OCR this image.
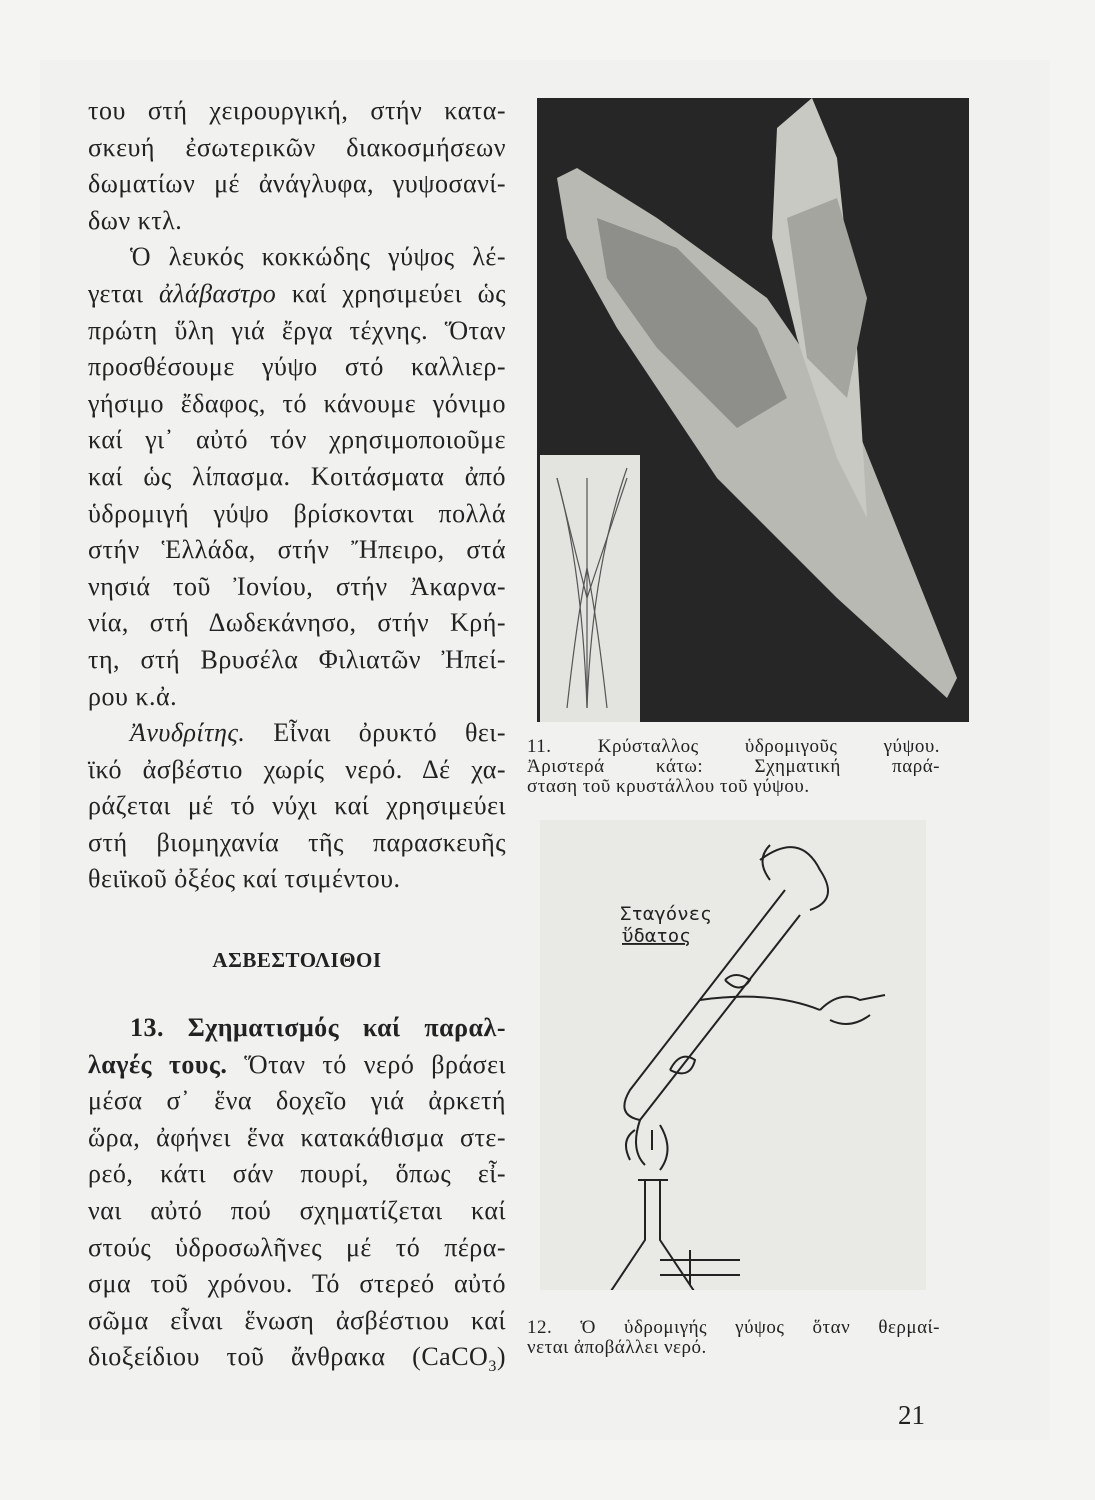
του στή χειρουργική, στήν κατα-
σκευή ἐσωτερικῶν διακοσμήσεων
δωματίων μέ ἀνάγλυφα, γυψοσανί-
δων κτλ.
Ὁ λευκός κοκκώδης γύψος λέ-
γεται ἀλάβαστρο καί χρησιμεύει ὡς
πρώτη ὕλη γιά ἔργα τέχνης. Ὅταν
προσθέσουμε γύψο στό καλλιερ-
γήσιμο ἔδαφος, τό κάνουμε γόνιμο
καί γι᾿ αὐτό τόν χρησιμοποιοῦμε
καί ὡς λίπασμα. Κοιτάσματα ἀπό
ὑδρομιγή γύψο βρίσκονται πολλά
στήν Ἑλλάδα, στήν Ἤπειρο, στά
νησιά τοῦ Ἰονίου, στήν Ἀκαρνα-
νία, στή Δωδεκάνησο, στήν Κρή-
τη, στή Βρυσέλα Φιλιατῶν Ἠπεί-
ρου κ.ἀ.
Ἀνυδρίτης. Εἶναι ὀρυκτό θει-
ϊκό ἀσβέστιο χωρίς νερό. Δέ χα-
ράζεται μέ τό νύχι καί χρησιμεύει
στή βιομηχανία τῆς παρασκευῆς
θειϊκοῦ ὀξέος καί τσιμέντου.
ΑΣΒΕΣΤΟΛΙΘΟΙ
13. Σχηματισμός καί παραλ-
λαγές τους. Ὅταν τό νερό βράσει
μέσα σ᾿ ἕνα δοχεῖο γιά ἀρκετή
ὥρα, ἀφήνει ἕνα κατακάθισμα στε-
ρεό, κάτι σάν πουρί, ὅπως εἶ-
ναι αὐτό πού σχηματίζεται καί
στούς ὑδροσωλῆνες μέ τό πέρα-
σμα τοῦ χρόνου. Τό στερεό αὐτό
σῶμα εἶναι ἕνωση ἀσβέστιου καί
διοξείδιου τοῦ ἄνθρακα (CaCO$_3$)
11. Κρύσταλλος ὑδρομιγοῦς γύψου.
Ἀριστερά κάτω: Σχηματική παρά-
σταση τοῦ κρυστάλλου τοῦ γύψου.
Σταγόνες
ὕδατος
12. Ὁ ὑδρομιγής γύψος ὅταν θερμαί-
νεται ἀποβάλλει νερό.
21
